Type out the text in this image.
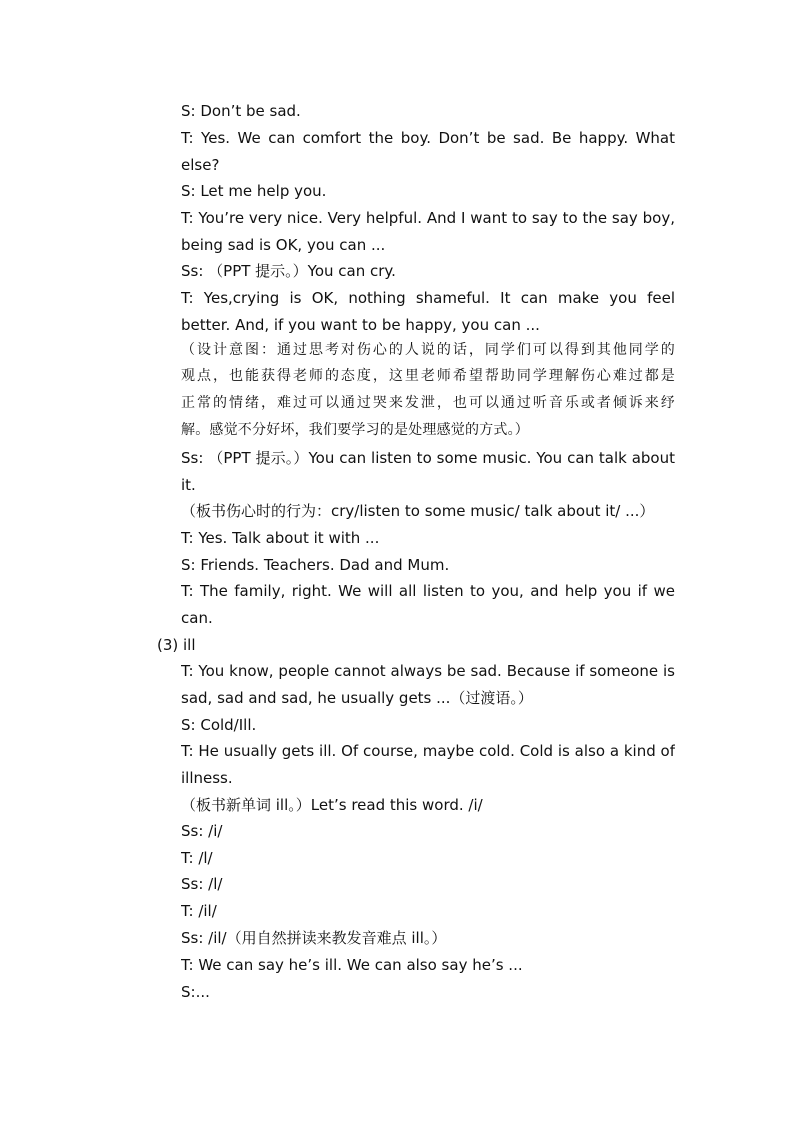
S: Don’t be sad.
T: Yes. We can comfort the boy. Don’t be sad. Be happy. What
else?
S: Let me help you.
T: You’re very nice. Very helpful. And I want to say to the say boy,
being sad is OK, you can ...
Ss: （PPT 提示。）You can cry.
T: Yes,crying is OK, nothing shameful. It can make you feel
better. And, if you want to be happy, you can ...
（设计意图：通过思考对伤心的人说的话，同学们可以得到其他同学的
观点，也能获得老师的态度，这里老师希望帮助同学理解伤心难过都是
正常的情绪，难过可以通过哭来发泄，也可以通过听音乐或者倾诉来纾
解。感觉不分好坏，我们要学习的是处理感觉的方式。）
Ss: （PPT 提示。）You can listen to some music. You can talk about
it.
（板书伤心时的行为：cry/listen to some music/ talk about it/ ...）
T: Yes. Talk about it with ...
S: Friends. Teachers. Dad and Mum.
T: The family, right. We will all listen to you, and help you if we
can.
(3) ill
T: You know, people cannot always be sad. Because if someone is
sad, sad and sad, he usually gets ...（过渡语。）
S: Cold/Ill.
T: He usually gets ill. Of course, maybe cold. Cold is also a kind of
illness.
（板书新单词 ill。）Let’s read this word. /i/
Ss: /i/
T: /l/
Ss: /l/
T: /il/
Ss: /il/（用自然拼读来教发音难点 ill。）
T: We can say he’s ill. We can also say he’s ...
S:...
